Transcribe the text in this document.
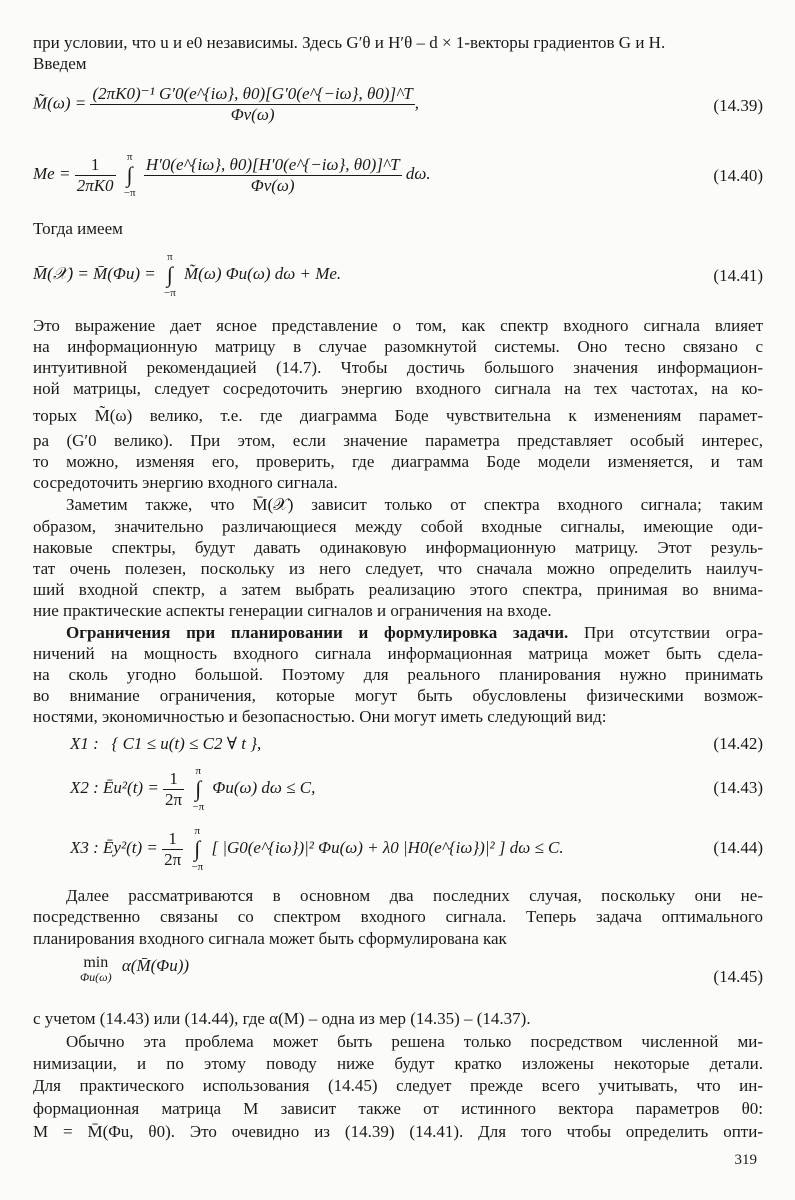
при условии, что u и e0 независимы. Здесь G′θ и H′θ – d × 1-векторы градиентов G и H.
Введем
M̃(ω) = $\frac{\text{(2πK0)⁻¹ G′0(e\textasciicircum{}\{iω\}, θ0)[G′0(e\textasciicircum{}\{−iω\}, θ0)]\textasciicircum{}T}}{\Phi v(\omega)}$ ,	(14.39)
$Me = \frac{1}{2\pi K0}$
π
∫
−π
$\frac{H'0(e\^{}\{i\omega\}, \theta 0)[H'0(e\^{}\{-i\omega\}, \theta 0)]\^{}T}{\Phi v(\omega)} d\omega$.	(14.40)
Тогда имеем
M̄(𝒳) = M̄(Φu) =
π
∫
−π
M̃(ω) Φu(ω) dω + Me.	(14.41)
Это выражение дает ясное представление о том, как спектр входного сигнала влияет
на информационную матрицу в случае разомкнутой системы. Оно тесно связано с
интуитивной рекомендацией (14.7). Чтобы достичь большого значения информацион-
ной матрицы, следует сосредоточить энергию входного сигнала на тех частотах, на ко-
торых M̃(ω) велико, т.е. где диаграмма Боде чувствительна к изменениям парамет-
ра (G′0 велико). При этом, если значение параметра представляет особый интерес,
то можно, изменяя его, проверить, где диаграмма Боде модели изменяется, и там
сосредоточить энергию входного сигнала.
Заметим также, что M̄(𝒳) зависит только от спектра входного сигнала; таким
образом, значительно различающиеся между собой входные сигналы, имеющие оди-
наковые спектры, будут давать одинаковую информационную матрицу. Этот резуль-
тат очень полезен, поскольку из него следует, что сначала можно определить наилуч-
ший входной спектр, а затем выбрать реализацию этого спектра, принимая во внима-
ние практические аспекты генерации сигналов и ограничения на входе.
Ограничения при планировании и формулировка задачи. При отсутствии огра-
ничений на мощность входного сигнала информационная матрица может быть сдела-
на сколь угодно большой. Поэтому для реального планирования нужно принимать
во внимание ограничения, которые могут быть обусловлены физическими возмож-
ностями, экономичностью и безопасностью. Они могут иметь следующий вид:
X1 : { C1 ≤ u(t) ≤ C2 ∀ t },	(14.42)
X2 : Ēu²(t) = $\frac{1}{2\pi}$
π
∫
−π
Φu(ω) dω ≤ C,	(14.43)
X3 : Ēy²(t) = $\frac{1}{2\pi}$
π
∫
−π
[ |G0(e^{iω})|² Φu(ω) + λ0 |H0(e^{iω})|² ] dω ≤ C.	(14.44)
Далее рассматриваются в основном два последних случая, поскольку они не-
посредственно связаны со спектром входного сигнала. Теперь задача оптимального
планирования входного сигнала может быть сформулирована как
min
Φu(ω)
α(M̄(Φu))
(14.45)
с учетом (14.43) или (14.44), где α(M) – одна из мер (14.35) – (14.37).
Обычно эта проблема может быть решена только посредством численной ми-
нимизации, и по этому поводу ниже будут кратко изложены некоторые детали.
Для практического использования (14.45) следует прежде всего учитывать, что ин-
формационная матрица M зависит также от истинного вектора параметров θ0:
M = M̄(Φu, θ0). Это очевидно из (14.39) (14.41). Для того чтобы определить опти-
319
